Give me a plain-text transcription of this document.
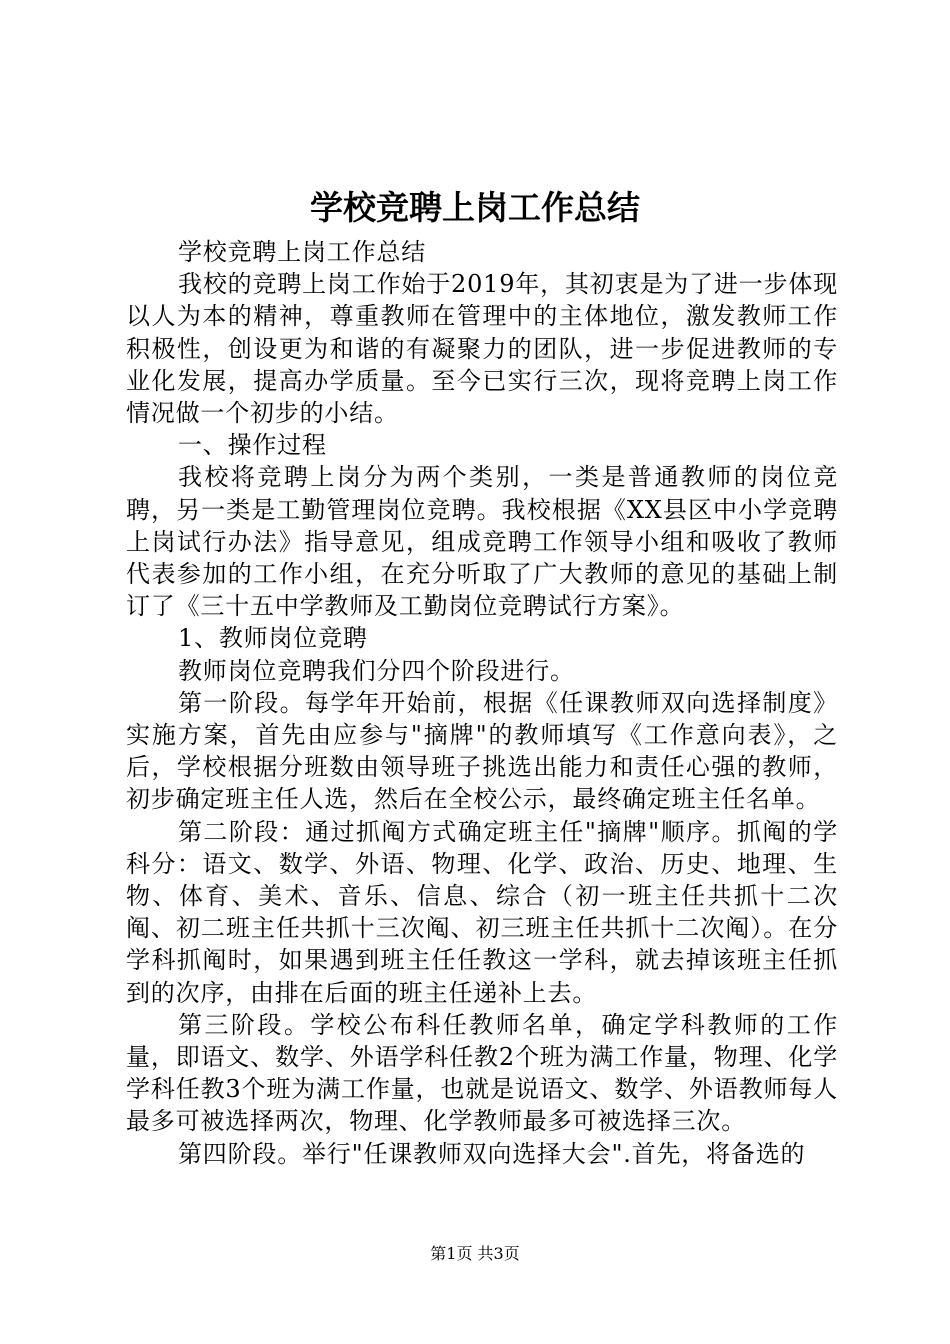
学校竞聘上岗工作总结

学校竞聘上岗工作总结

我校的竞聘上岗工作始于2019年，其初衷是为了进一步体现以人为本的精神，尊重教师在管理中的主体地位，激发教师工作积极性，创设更为和谐的有凝聚力的团队，进一步促进教师的专业化发展，提高办学质量。至今已实行三次，现将竞聘上岗工作情况做一个初步的小结。

一、操作过程

我校将竞聘上岗分为两个类别，一类是普通教师的岗位竞聘，另一类是工勤管理岗位竞聘。我校根据《XX县区中小学竞聘上岗试行办法》指导意见，组成竞聘工作领导小组和吸收了教师代表参加的工作小组，在充分听取了广大教师的意见的基础上制订了《三十五中学教师及工勤岗位竞聘试行方案》。

1、教师岗位竞聘

教师岗位竞聘我们分四个阶段进行。

第一阶段。每学年开始前，根据《任课教师双向选择制度》实施方案，首先由应参与"摘牌"的教师填写《工作意向表》，之后，学校根据分班数由领导班子挑选出能力和责任心强的教师，初步确定班主任人选，然后在全校公示，最终确定班主任名单。

第二阶段：通过抓阄方式确定班主任"摘牌"顺序。抓阄的学科分：语文、数学、外语、物理、化学、政治、历史、地理、生物、体育、美术、音乐、信息、综合（初一班主任共抓十二次阄、初二班主任共抓十三次阄、初三班主任共抓十二次阄）。在分学科抓阄时，如果遇到班主任任教这一学科，就去掉该班主任抓到的次序，由排在后面的班主任递补上去。

第三阶段。学校公布科任教师名单，确定学科教师的工作量，即语文、数学、外语学科任教2个班为满工作量，物理、化学学科任教3个班为满工作量，也就是说语文、数学、外语教师每人最多可被选择两次，物理、化学教师最多可被选择三次。

第四阶段。举行"任课教师双向选择大会".首先，将备选的

第1页 共3页
